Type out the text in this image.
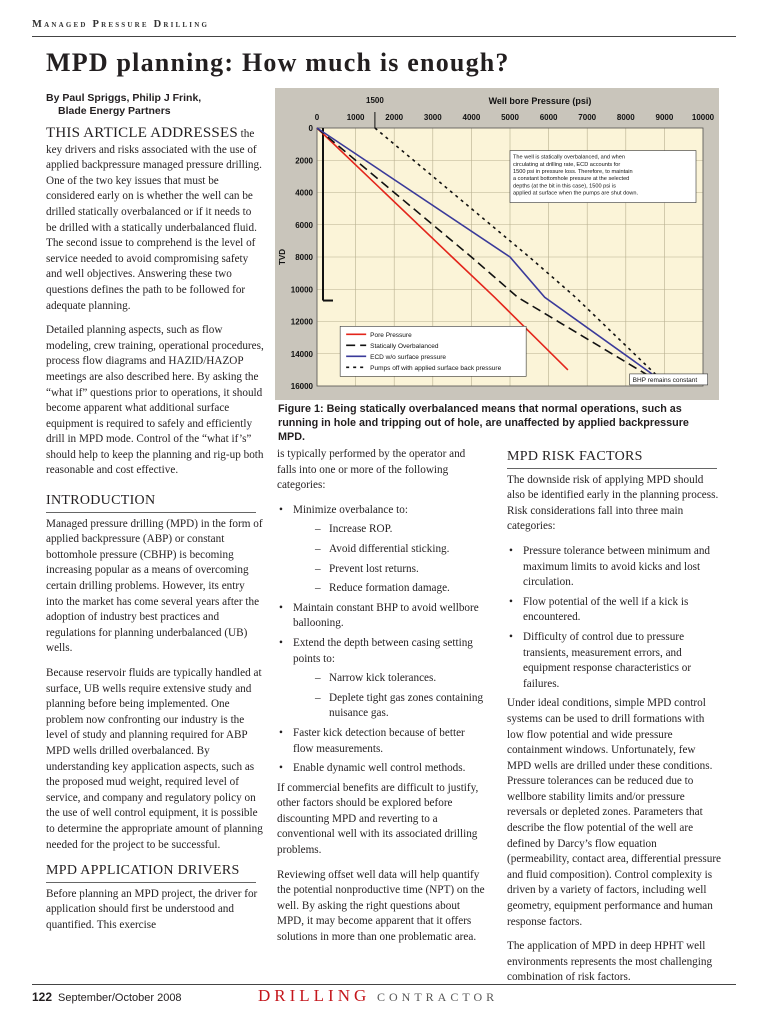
Managed Pressure Drilling
MPD planning: How much is enough?
By Paul Spriggs, Philip J Frink,
Blade Energy Partners

THIS ARTICLE ADDRESSES the key drivers and risks associated with the use of applied backpressure managed pressure drilling. One of the two key issues that must be considered early on is whether the well can be drilled statically overbalanced or if it needs to be drilled with a statically underbalanced fluid. The second issue to comprehend is the level of service needed to avoid compromising safety and well objectives. Answering these two questions defines the path to be followed for adequate planning.

Detailed planning aspects, such as flow modeling, crew training, operational procedures, process flow diagrams and HAZID/HAZOP meetings are also described here. By asking the “what if” questions prior to operations, it should become apparent what additional surface equipment is required to safely and efficiently drill in MPD mode. Control of the “what if’s” should help to keep the planning and rig-up both reasonable and cost effective.

INTRODUCTION

Managed pressure drilling (MPD) in the form of applied backpressure (ABP) or constant bottomhole pressure (CBHP) is becoming increasing popular as a means of overcoming certain drilling problems. However, its entry into the market has come several years after the adoption of industry best practices and regulations for planning underbalanced (UB) wells.

Because reservoir fluids are typically handled at surface, UB wells require extensive study and planning before being implemented. One problem now confronting our industry is the level of study and planning required for ABP MPD wells drilled overbalanced. By understanding key application aspects, such as the proposed mud weight, required level of service, and company and regulatory policy on the use of well control equipment, it is possible to determine the appropriate amount of planning needed for the project to be successful.

MPD APPLICATION DRIVERS

Before planning an MPD project, the driver for application should first be understood and quantified. This exercise

0	1000	2000	3000	4000	5000	6000	7000	8000	9000 10000
0
2000
4000
6000
8000
10000
12000
14000
16000
Well bore Pressure (psi)
1500
TVD
The well is statically overbalanced, and when circulating at drilling rate, ECD accounts for 1500 psi in pressure loss. Therefore, to maintain a constant bottomhole pressure at the selected depths (at the bit in this case), 1500 psi is applied at surface when the pumps are shut down.
BHP remains constant
Pore Pressure
Statically Overbalanced
ECD w/o surface pressure
Pumps off with applied surface back pressure
Figure 1: Being statically overbalanced means that normal operations, such as running in hole and tripping out of hole, are unaffected by applied backpressure MPD.

is typically performed by the operator and falls into one or more of the following categories:

• Minimize overbalance to:
– Increase ROP.
– Avoid differential sticking.
– Prevent lost returns.
– Reduce formation damage.
• Maintain constant BHP to avoid wellbore ballooning.
• Extend the depth between casing setting points to:
– Narrow kick tolerances.
– Deplete tight gas zones containing nuisance gas.
• Faster kick detection because of better flow measurements.
• Enable dynamic well control methods.

If commercial benefits are difficult to justify, other factors should be explored before discounting MPD and reverting to a conventional well with its associated drilling problems.

Reviewing offset well data will help quantify the potential nonproductive time (NPT) on the well. By asking the right questions about MPD, it may become apparent that it offers solutions in more than one problematic area.

MPD RISK FACTORS

The downside risk of applying MPD should also be identified early in the planning process. Risk considerations fall into three main categories:

• Pressure tolerance between minimum and maximum limits to avoid kicks and lost circulation.
• Flow potential of the well if a kick is encountered.
• Difficulty of control due to pressure transients, measurement errors, and equipment response characteristics or failures.

Under ideal conditions, simple MPD control systems can be used to drill formations with low flow potential and wide pressure containment windows. Unfortunately, few MPD wells are drilled under these conditions. Pressure tolerances can be reduced due to wellbore stability limits and/or pressure reversals or depleted zones. Parameters that describe the flow potential of the well are defined by Darcy’s flow equation (permeability, contact area, differential pressure and fluid composition). Control complexity is driven by a variety of factors, including well geometry, equipment performance and human response factors.

The application of MPD in deep HPHT well environments represents the most challenging combination of risk factors.

122 September/October 2008	DRILLING CONTRACTOR
